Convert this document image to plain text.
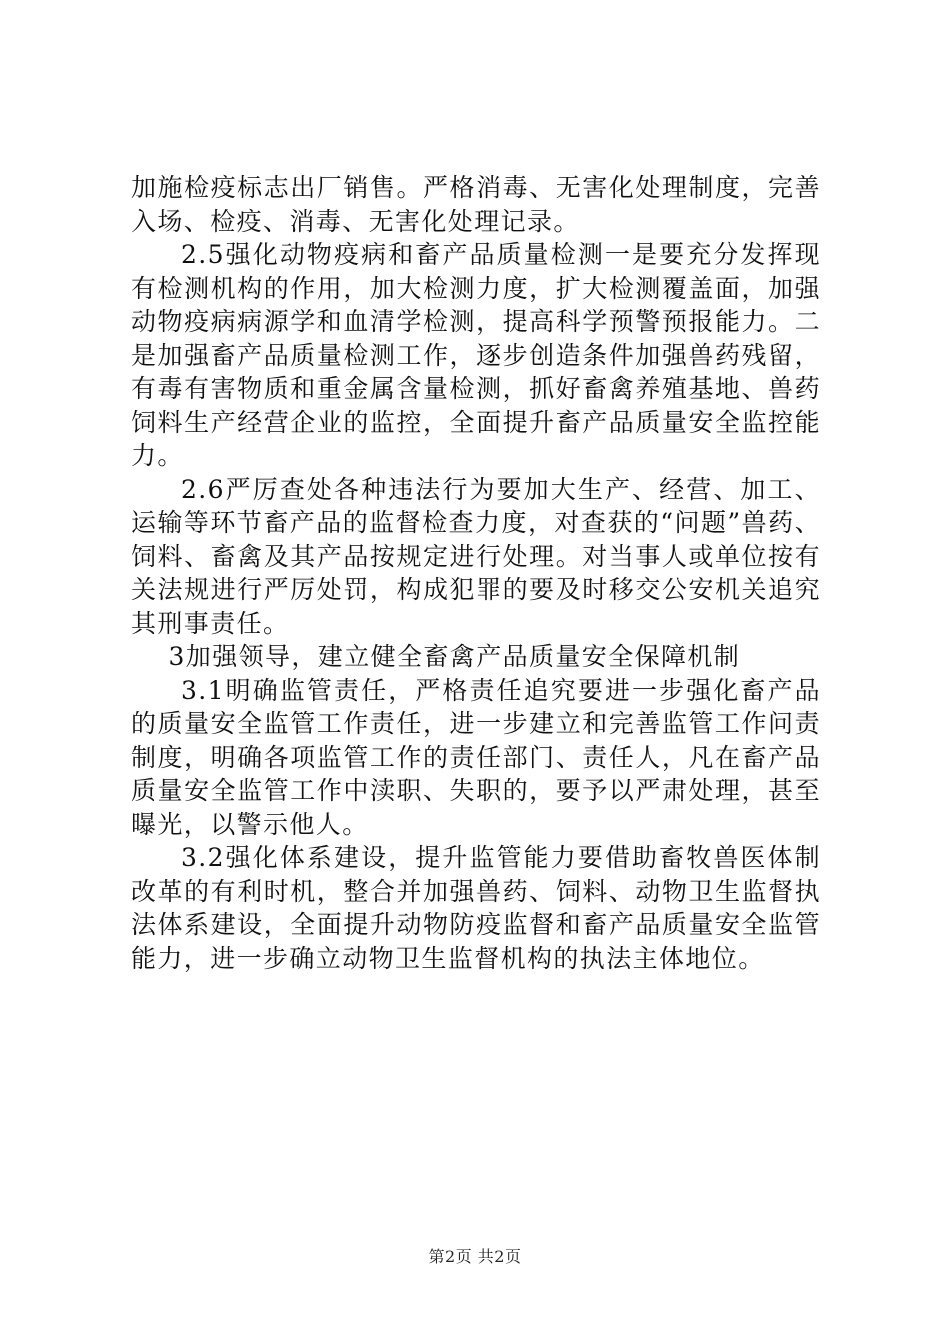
加施检疫标志出厂销售。严格消毒、无害化处理制度，完善入场、检疫、消毒、无害化处理记录。

2.5强化动物疫病和畜产品质量检测一是要充分发挥现有检测机构的作用，加大检测力度，扩大检测覆盖面，加强动物疫病病源学和血清学检测，提高科学预警预报能力。二是加强畜产品质量检测工作，逐步创造条件加强兽药残留，有毒有害物质和重金属含量检测，抓好畜禽养殖基地、兽药饲料生产经营企业的监控，全面提升畜产品质量安全监控能力。

2.6严厉查处各种违法行为要加大生产、经营、加工、运输等环节畜产品的监督检查力度，对查获的“问题”兽药、饲料、畜禽及其产品按规定进行处理。对当事人或单位按有关法规进行严厉处罚，构成犯罪的要及时移交公安机关追究其刑事责任。

3加强领导，建立健全畜禽产品质量安全保障机制

3.1明确监管责任，严格责任追究要进一步强化畜产品的质量安全监管工作责任，进一步建立和完善监管工作问责制度，明确各项监管工作的责任部门、责任人，凡在畜产品质量安全监管工作中渎职、失职的，要予以严肃处理，甚至曝光，以警示他人。

3.2强化体系建设，提升监管能力要借助畜牧兽医体制改革的有利时机，整合并加强兽药、饲料、动物卫生监督执法体系建设，全面提升动物防疫监督和畜产品质量安全监管能力，进一步确立动物卫生监督机构的执法主体地位。

第2页 共2页
